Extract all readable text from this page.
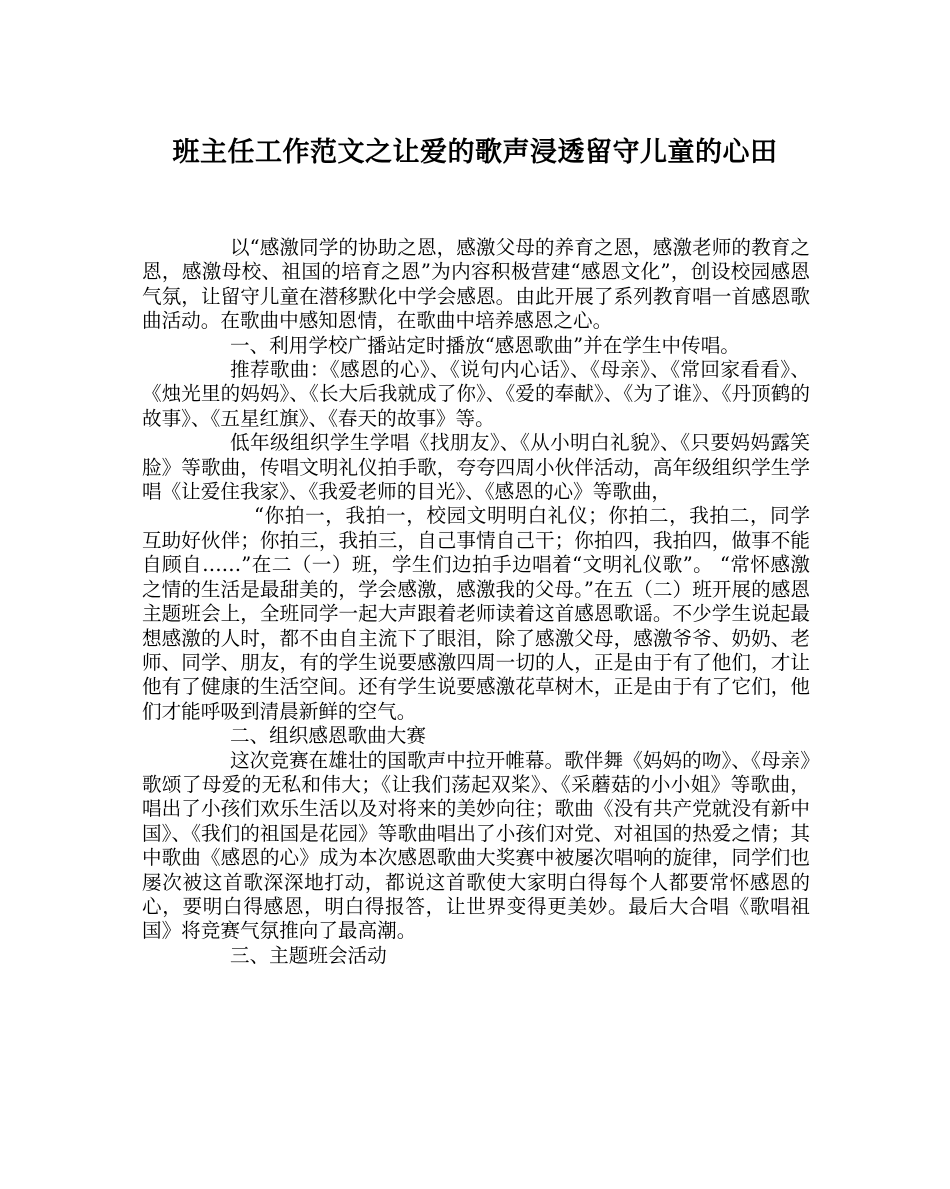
班主任工作范文之让爱的歌声浸透留守儿童的心田

以“感激同学的协助之恩，感激父母的养育之恩，感激老师的教育之恩，感激母校、祖国的培育之恩”为内容积极营建“感恩文化”，创设校园感恩气氛，让留守儿童在潜移默化中学会感恩。由此开展了系列教育唱一首感恩歌曲活动。在歌曲中感知恩情，在歌曲中培养感恩之心。

一、利用学校广播站定时播放“感恩歌曲”并在学生中传唱。

推荐歌曲：《感恩的心》、《说句内心话》、《母亲》、《常回家看看》、《烛光里的妈妈》、《长大后我就成了你》、《爱的奉献》、《为了谁》、《丹顶鹤的故事》、《五星红旗》、《春天的故事》等。

低年级组织学生学唱《找朋友》、《从小明白礼貌》、《只要妈妈露笑脸》等歌曲，传唱文明礼仪拍手歌，夸夸四周小伙伴活动，高年级组织学生学唱《让爱住我家》、《我爱老师的目光》、《感恩的心》等歌曲，

“你拍一，我拍一，校园文明明白礼仪；你拍二，我拍二，同学互助好伙伴；你拍三，我拍三，自己事情自己干；你拍四，我拍四，做事不能自顾自……”在二（一）班，学生们边拍手边唱着“文明礼仪歌”。 “常怀感激之情的生活是最甜美的，学会感激，感激我的父母。”在五（二）班开展的感恩主题班会上，全班同学一起大声跟着老师读着这首感恩歌谣。不少学生说起最想感激的人时，都不由自主流下了眼泪，除了感激父母，感激爷爷、奶奶、老师、同学、朋友，有的学生说要感激四周一切的人，正是由于有了他们，才让他有了健康的生活空间。还有学生说要感激花草树木，正是由于有了它们，他们才能呼吸到清晨新鲜的空气。

二、组织感恩歌曲大赛

这次竞赛在雄壮的国歌声中拉开帷幕。歌伴舞《妈妈的吻》、《母亲》歌颂了母爱的无私和伟大；《让我们荡起双桨》、《采蘑菇的小小姐》等歌曲，唱出了小孩们欢乐生活以及对将来的美妙向往；歌曲《没有共产党就没有新中国》、《我们的祖国是花园》等歌曲唱出了小孩们对党、对祖国的热爱之情；其中歌曲《感恩的心》成为本次感恩歌曲大奖赛中被屡次唱响的旋律，同学们也屡次被这首歌深深地打动，都说这首歌使大家明白得每个人都要常怀感恩的心，要明白得感恩，明白得报答，让世界变得更美妙。最后大合唱《歌唱祖国》将竞赛气氛推向了最高潮。

三、主题班会活动
